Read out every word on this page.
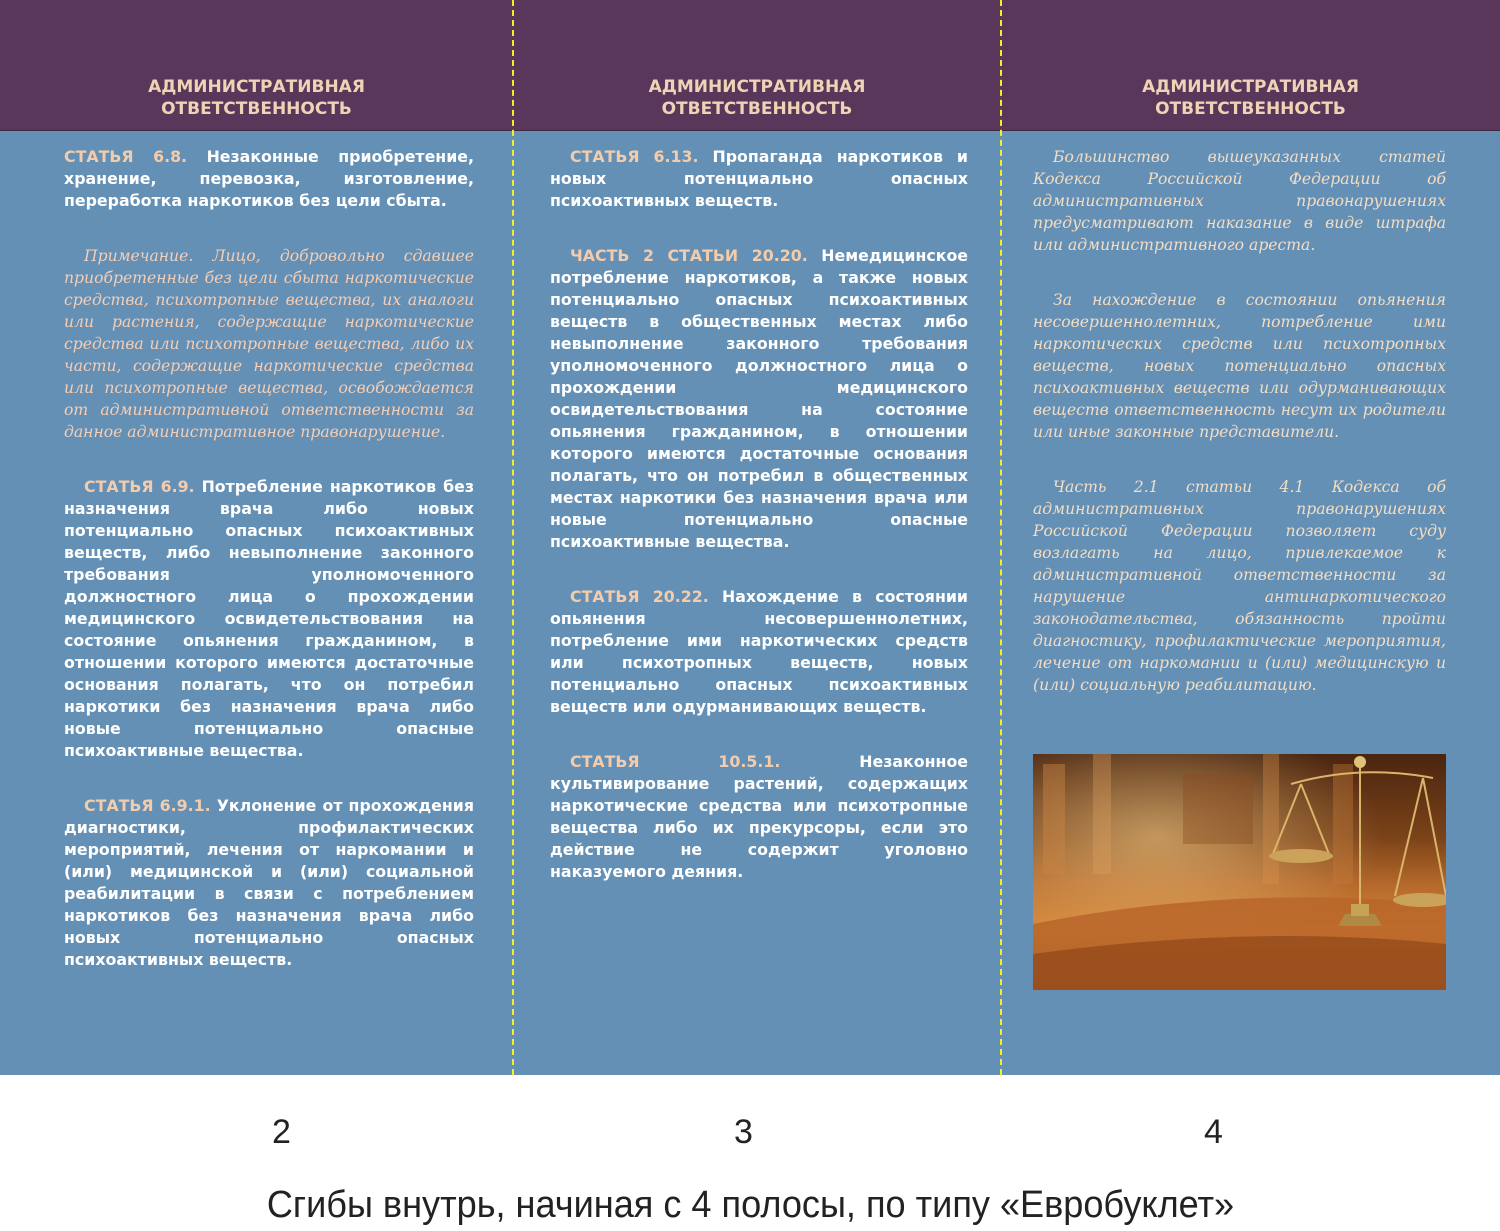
АДМИНИСТРАТИВНАЯ ОТВЕТСТВЕННОСТЬ

СТАТЬЯ 6.8. Незаконные приобретение, хранение, перевозка, изготовление, переработка наркотиков без цели сбыта.

Примечание. Лицо, добровольно сдавшее приобретенные без цели сбыта наркотические средства, психотропные вещества, их аналоги или растения, содержащие наркотические средства или психотропные вещества, либо их части, содержащие наркотические средства или психотропные вещества, освобождается от административной ответственности за данное административное правонарушение.

СТАТЬЯ 6.9. Потребление наркотиков без назначения врача либо новых потенциально опасных психоактивных веществ, либо невыполнение законного требования уполномоченного должностного лица о прохождении медицинского освидетельствования на состояние опьянения гражданином, в отношении которого имеются достаточные основания полагать, что он потребил наркотики без назначения врача либо новые потенциально опасные психоактивные вещества.

СТАТЬЯ 6.9.1. Уклонение от прохождения диагностики, профилактических мероприятий, лечения от наркомании и (или) медицинской и (или) социальной реабилитации в связи с потреблением наркотиков без назначения врача либо новых потенциально опасных психоактивных веществ.

АДМИНИСТРАТИВНАЯ ОТВЕТСТВЕННОСТЬ

СТАТЬЯ 6.13. Пропаганда наркотиков и новых потенциально опасных психоактивных веществ.

ЧАСТЬ 2 СТАТЬИ 20.20. Немедицинское потребление наркотиков, а также новых потенциально опасных психоактивных веществ в общественных местах либо невыполнение законного требования уполномоченного должностного лица о прохождении медицинского освидетельствования на состояние опьянения гражданином, в отношении которого имеются достаточные основания полагать, что он потребил в общественных местах наркотики без назначения врача или новые потенциально опасные психоактивные вещества.

СТАТЬЯ 20.22. Нахождение в состоянии опьянения несовершеннолетних, потребление ими наркотических средств или психотропных веществ, новых потенциально опасных психоактивных веществ или одурманивающих веществ.

СТАТЬЯ 10.5.1.	Незаконное культивирование растений, содержащих наркотические средства или психотропные вещества либо их прекурсоры, если это действие не содержит уголовно наказуемого деяния.

АДМИНИСТРАТИВНАЯ ОТВЕТСТВЕННОСТЬ

Большинство вышеуказанных статей Кодекса Российской Федерации об административных правонарушениях предусматривают наказание в виде штрафа или административного ареста.

За нахождение в состоянии опьянения несовершеннолетних, потребление ими наркотических средств или психотропных веществ, новых потенциально опасных психоактивных веществ или одурманивающих веществ ответственность несут их родители или иные законные представители.

Часть 2.1 статьи 4.1 Кодекса об административных правонарушениях Российской Федерации позволяет суду возлагать на лицо, привлекаемое к административной ответственности за нарушение антинаркотического законодательства, обязанность пройти диагностику, профилактические мероприятия, лечение от наркомании и (или) медицинскую и (или) социальную реабилитацию.

2	3	4
Сгибы внутрь, начиная с 4 полосы, по типу «Евробуклет»
